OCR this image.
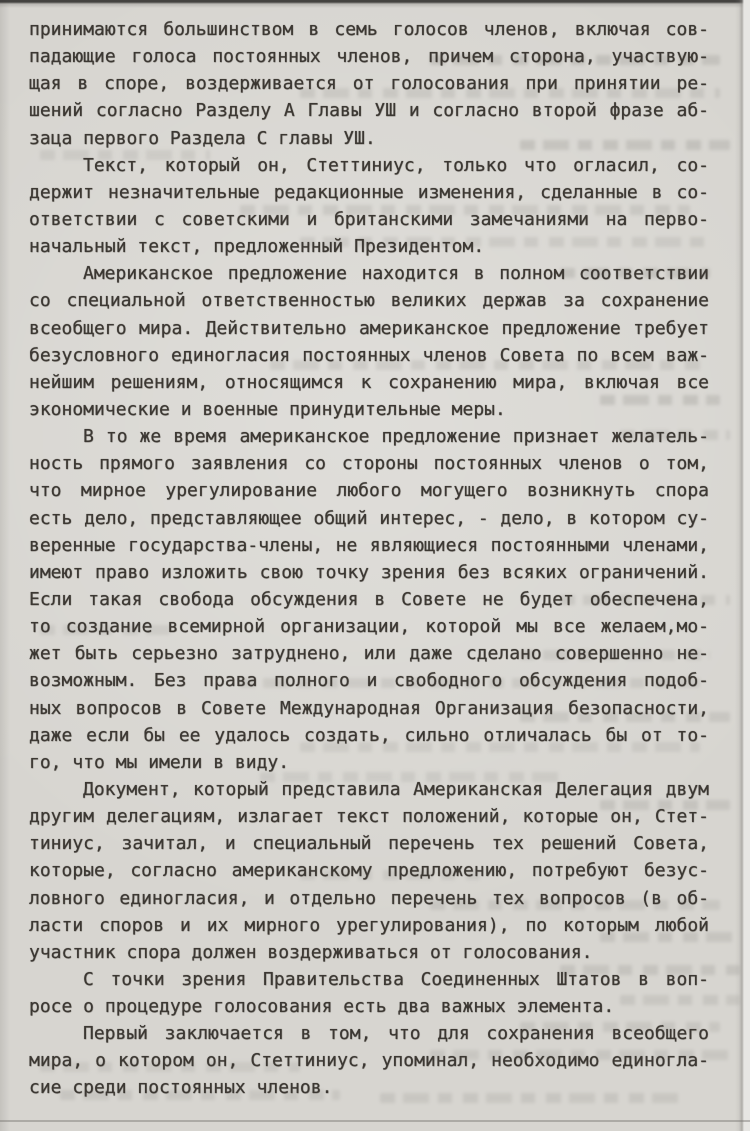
принимаются большинством в семь голосов членов, включая сов-
падающие голоса постоянных членов, причем сторона, участвую-
щая в споре, воздерживается от голосования при принятии ре-
шений согласно Разделу А Главы УШ и согласно второй фразе аб-
заца первого Раздела С главы УШ.
Текст, который он, Стеттиниус, только что огласил, со-
держит незначительные редакционные изменения, сделанные в со-
ответствии с советскими и британскими замечаниями на перво-
начальный текст, предложенный Президентом.
Американское предложение находится в полном соответствии
со специальной ответственностью великих держав за сохранение
всеобщего мира. Действительно американское предложение требует
безусловного единогласия постоянных членов Совета по всем важ-
нейшим решениям, относящимся к сохранению мира, включая все
экономические и военные принудительные меры.
В то же время американское предложение признает желатель-
ность прямого заявления со стороны постоянных членов о том,
что мирное урегулирование любого могущего возникнуть спора
есть дело, представляющее общий интерес, - дело, в котором су-
веренные государства-члены, не являющиеся постоянными членами,
имеют право изложить свою точку зрения без всяких ограничений.
Если такая свобода обсуждения в Совете не будет обеспечена,
то создание всемирной организации, которой мы все желаем,мо-
жет быть серьезно затруднено, или даже сделано совершенно не-
возможным. Без права полного и свободного обсуждения подоб-
ных вопросов в Совете Международная Организация безопасности,
даже если бы ее удалось создать, сильно отличалась бы от то-
го, что мы имели в виду.
Документ, который представила Американская Делегация двум
другим делегациям, излагает текст положений, которые он, Стет-
тиниус, зачитал, и специальный перечень тех решений Совета,
которые, согласно американскому предложению, потребуют безус-
ловного единогласия, и отдельно перечень тех вопросов (в об-
ласти споров и их мирного урегулирования), по которым любой
участник спора должен воздерживаться от голосования.
С точки зрения Правительства Соединенных Штатов в воп-
росе о процедуре голосования есть два важных элемента.
Первый заключается в том, что для сохранения всеобщего
мира, о котором он, Стеттиниус, упоминал, необходимо единогла-
сие среди постоянных членов.
